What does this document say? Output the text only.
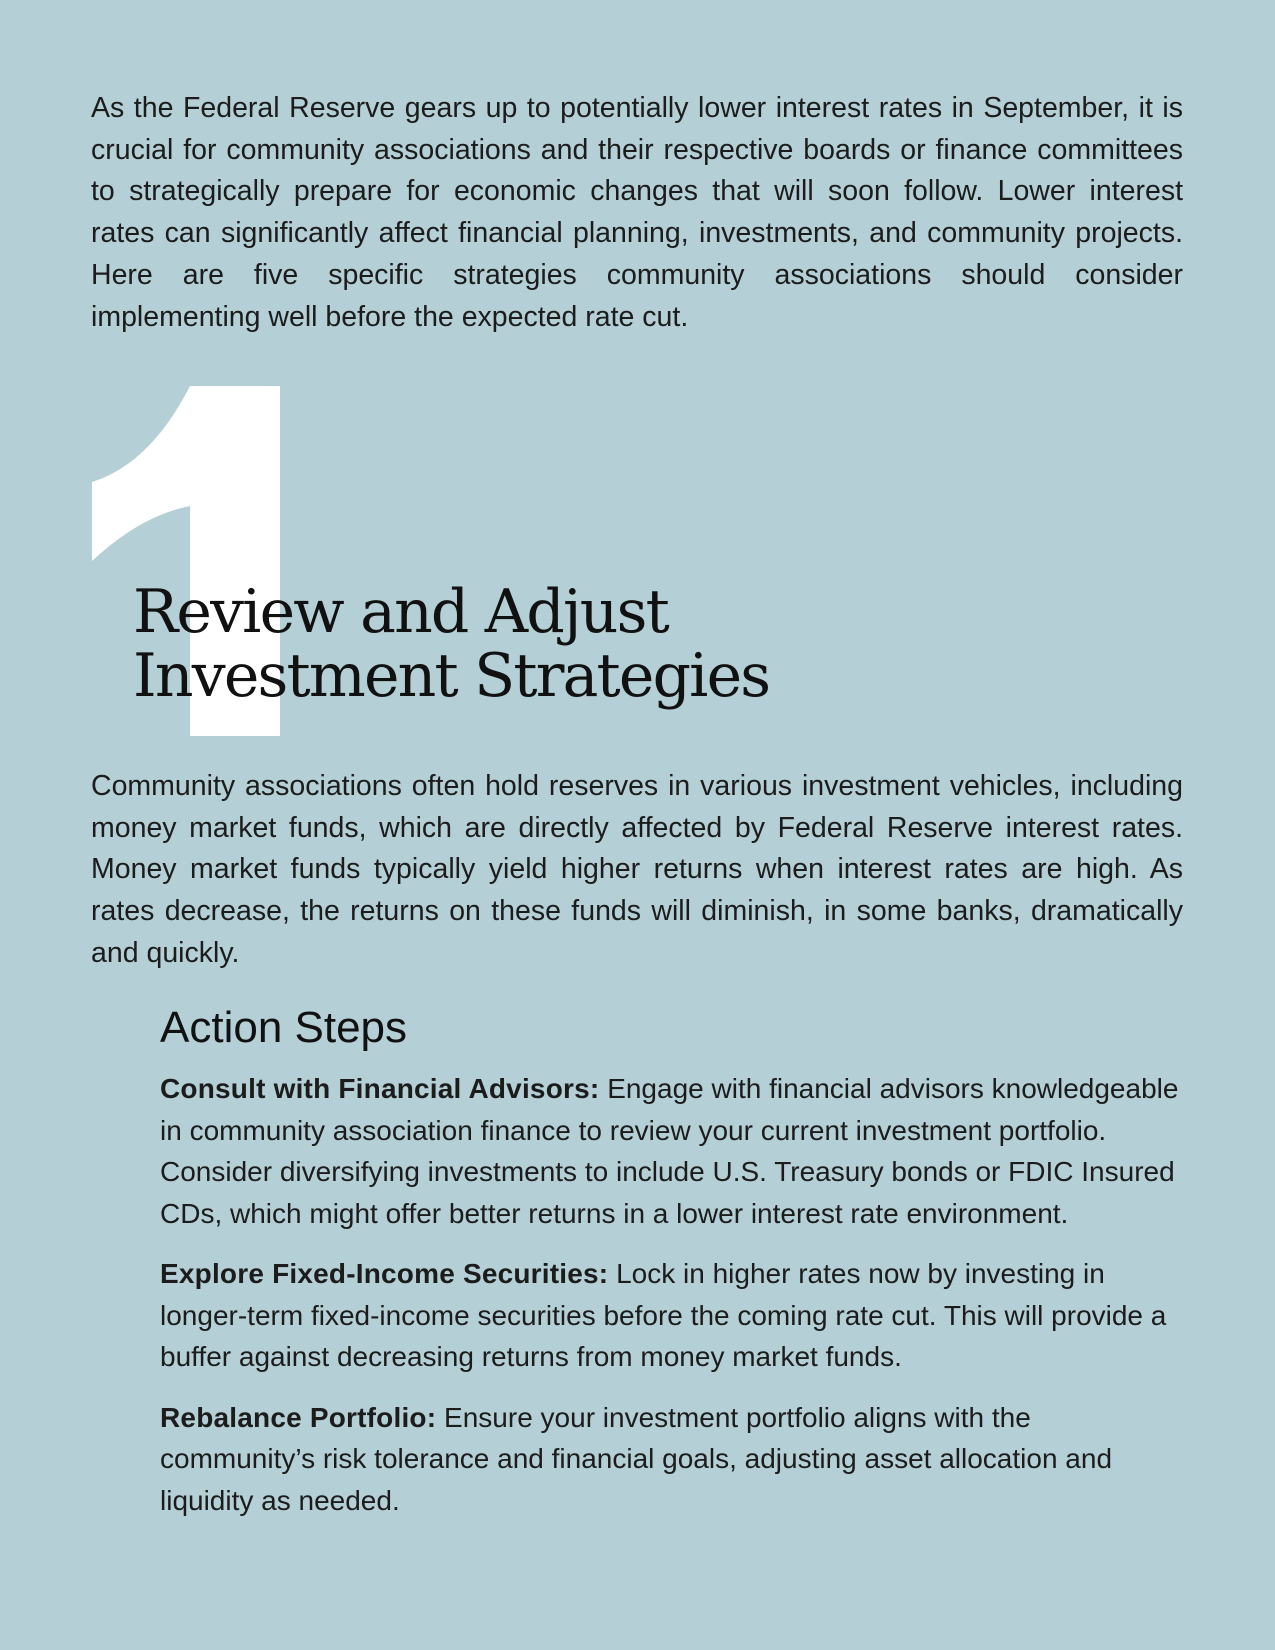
As the Federal Reserve gears up to potentially lower interest rates in September, it is crucial for community associations and their respective boards or finance committees to strategically prepare for economic changes that will soon follow. Lower interest rates can significantly affect financial planning, investments, and community projects. Here are five specific strategies community associations should consider implementing well before the expected rate cut.

1
Review and Adjust
Investment Strategies

Community associations often hold reserves in various investment vehicles, including money market funds, which are directly affected by Federal Reserve interest rates. Money market funds typically yield higher returns when interest rates are high. As rates decrease, the returns on these funds will diminish, in some banks, dramatically and quickly.

Action Steps

Consult with Financial Advisors: Engage with financial advisors knowledgeable in community association finance to review your current investment portfolio. Consider diversifying investments to include U.S. Treasury bonds or FDIC Insured CDs, which might offer better returns in a lower interest rate environment.

Explore Fixed-Income Securities: Lock in higher rates now by investing in longer-term fixed-income securities before the coming rate cut. This will provide a buffer against decreasing returns from money market funds.

Rebalance Portfolio: Ensure your investment portfolio aligns with the community’s risk tolerance and financial goals, adjusting asset allocation and liquidity as needed.
